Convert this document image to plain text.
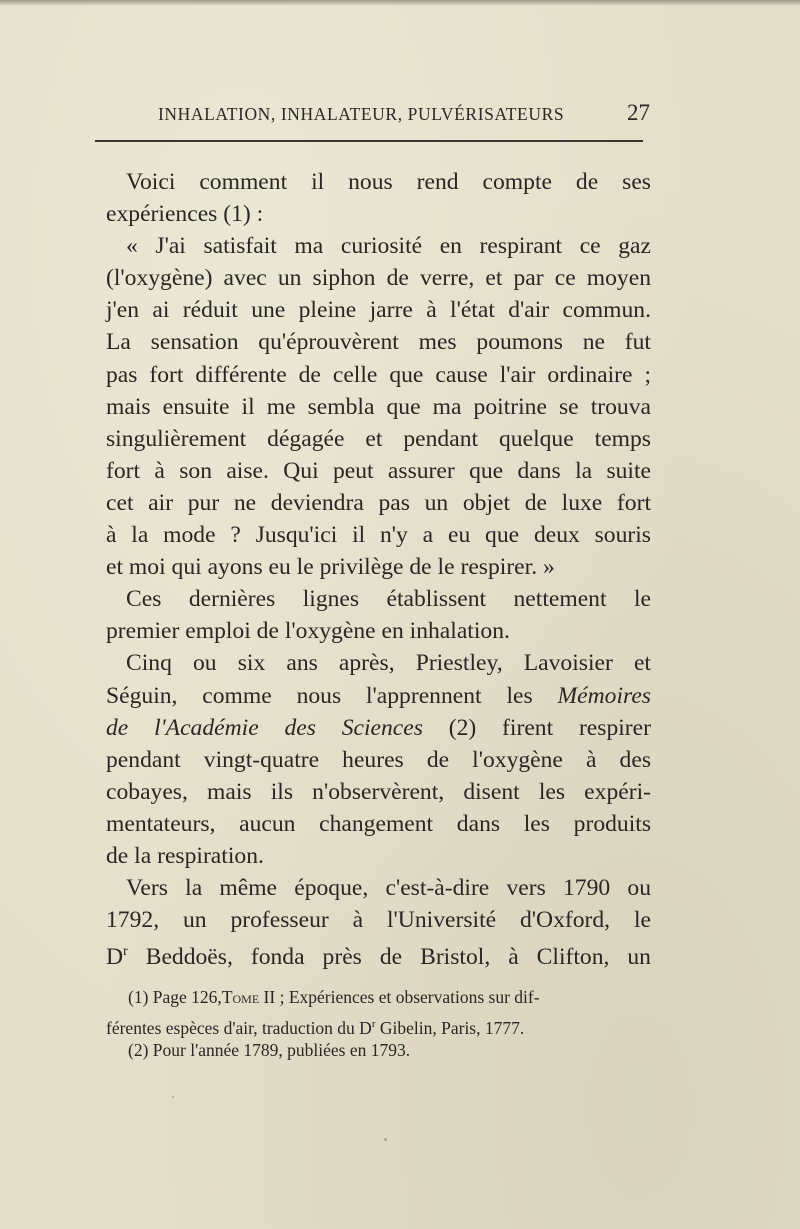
INHALATION, INHALATEUR, PULVÉRISATEURS	27
Voici comment il nous rend compte de ses
expériences (1) :
« J'ai satisfait ma curiosité en respirant ce gaz
(l'oxygène) avec un siphon de verre, et par ce moyen
j'en ai réduit une pleine jarre à l'état d'air commun.
La sensation qu'éprouvèrent mes poumons ne fut
pas fort différente de celle que cause l'air ordinaire ;
mais ensuite il me sembla que ma poitrine se trouva
singulièrement dégagée et pendant quelque temps
fort à son aise. Qui peut assurer que dans la suite
cet air pur ne deviendra pas un objet de luxe fort
à la mode ? Jusqu'ici il n'y a eu que deux souris
et moi qui ayons eu le privilège de le respirer. »
Ces dernières lignes établissent nettement le
premier emploi de l'oxygène en inhalation.
Cinq ou six ans après, Priestley, Lavoisier et
Séguin, comme nous l'apprennent les Mémoires
de l'Académie des Sciences (2) firent respirer
pendant vingt-quatre heures de l'oxygène à des
cobayes, mais ils n'observèrent, disent les expéri-
mentateurs, aucun changement dans les produits
de la respiration.
Vers la même époque, c'est-à-dire vers 1790 ou
1792, un professeur à l'Université d'Oxford, le
$D^r$ Beddoës, fonda près de Bristol, à Clifton, un
(1) Page 126,Tome II ; Expériences et observations sur dif-
férentes espèces d'air, traduction du $D^r$ Gibelin, Paris, 1777.
(2) Pour l'année 1789, publiées en 1793.
